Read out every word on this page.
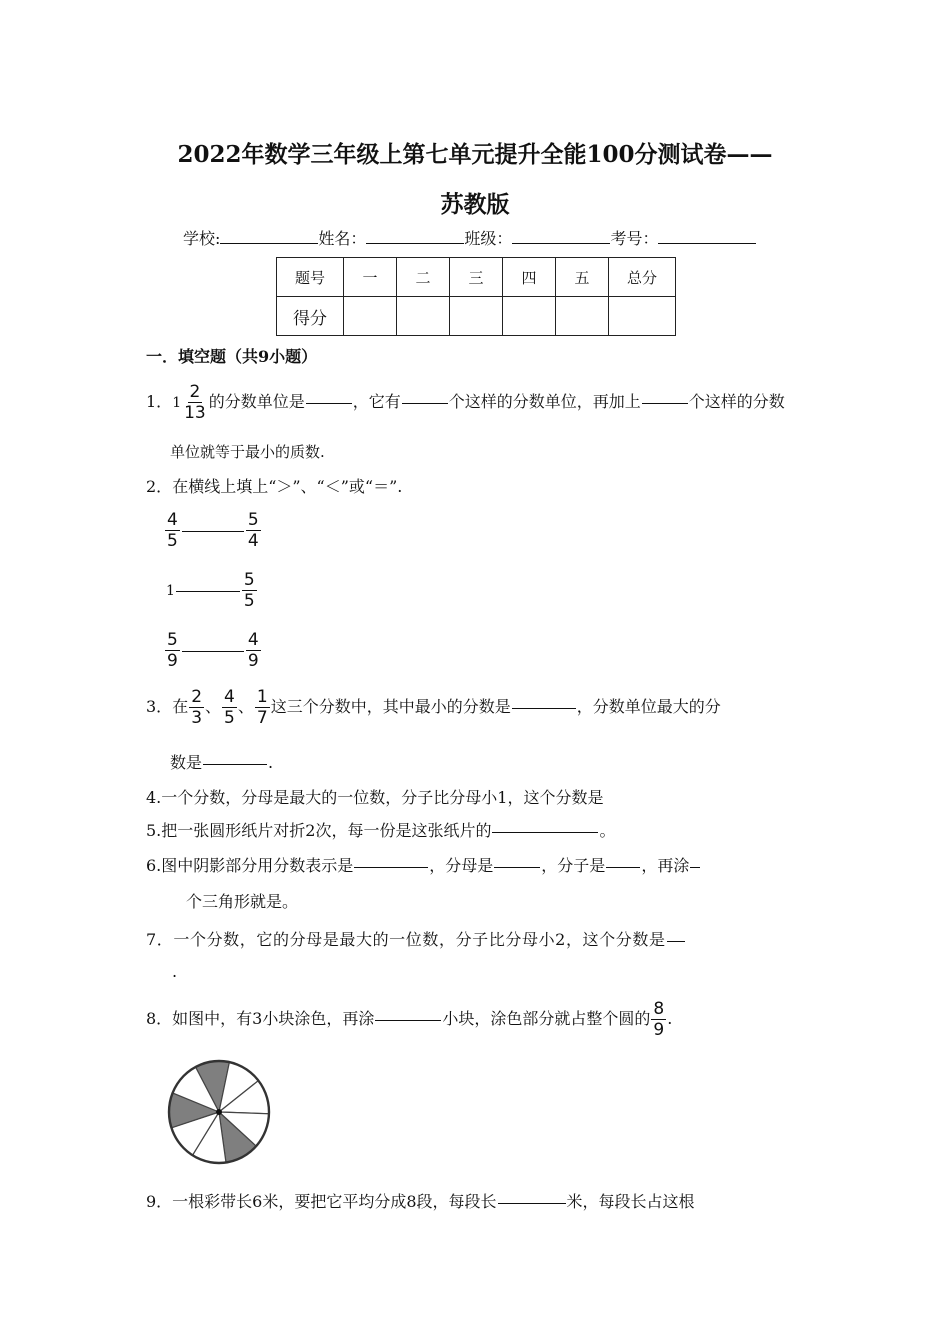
2022年数学三年级上第七单元提升全能100分测试卷——
苏教版
学校:	姓名：	班级：	考号：
题号	一	二	三	四	五	总分
得分						
一．填空题（共9小题）
1．$1 \frac{2}{13}$ 的分数单位是	，它有	个这样的分数单位，再加上	个这样的分数
单位就等于最小的质数.
2．在横线上填上“＞”、“＜”或“＝”.
$\frac{4}{5}$	$\frac{5}{4}$
1	$\frac{5}{5}$
$\frac{5}{9}$	$\frac{4}{9}$
3．在 $\frac{2}{3}$ 、 $\frac{4}{5}$ 、 $\frac{1}{7}$ 这三个分数中，其中最小的分数是	，分数单位最大的分
数是	.
4.一个分数，分母是最大的一位数，分子比分母小1，这个分数是
5.把一张圆形纸片对折2次，每一份是这张纸片的	。
6.图中阴影部分用分数表示是	，分母是	，分子是 ，再涂
个三角形就是。
7．一个分数，它的分母是最大的一位数，分子比分母小2，这个分数是
.
8．如图中，有3小块涂色，再涂	小块，涂色部分就占整个圆的 $\frac{8}{9}$ .
9．一根彩带长6米，要把它平均分成8段，每段长	米，每段长占这根
